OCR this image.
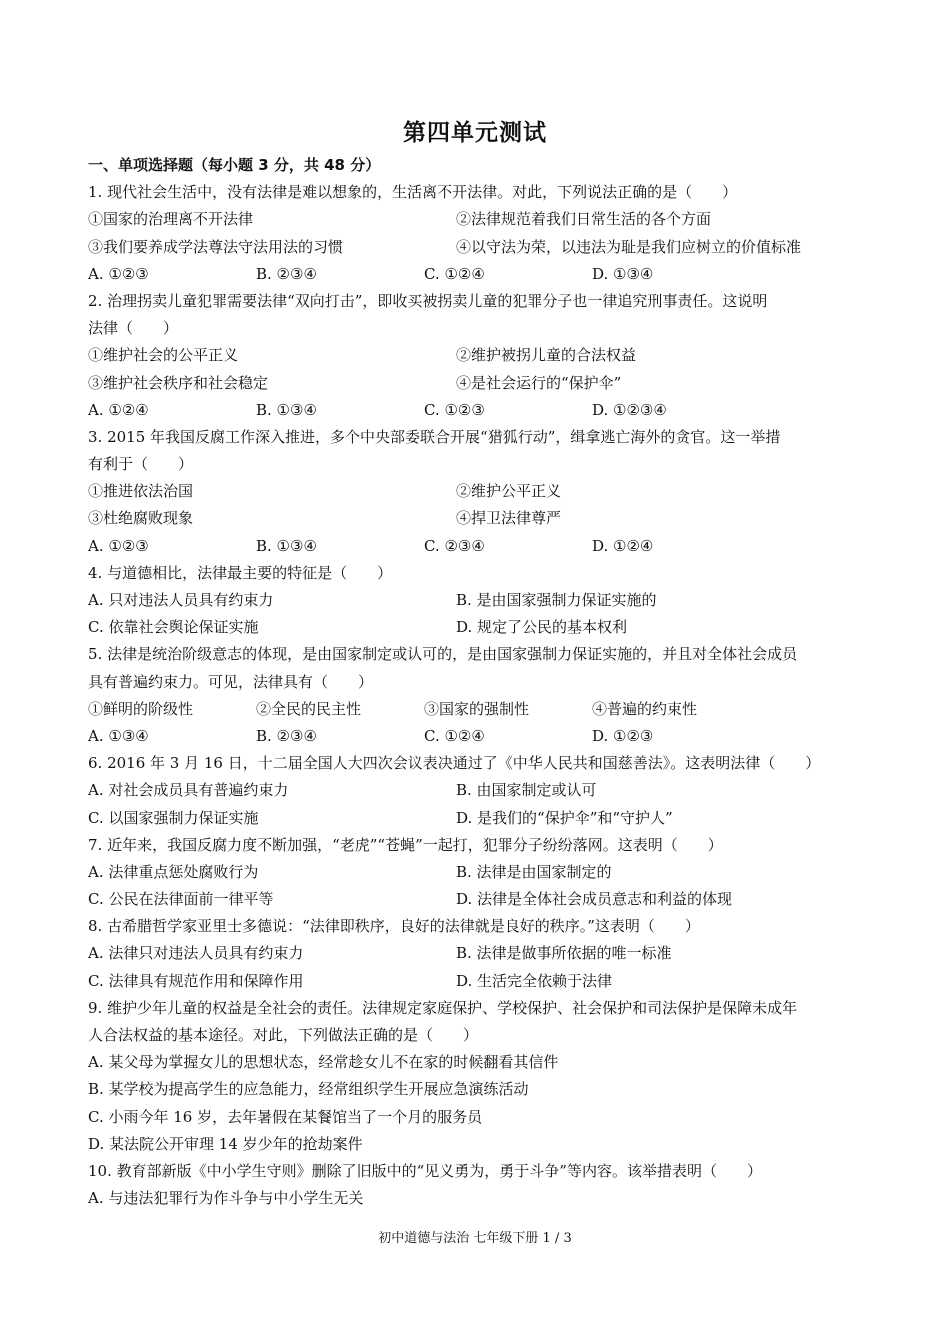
第四单元测试
一、单项选择题（每小题 3 分，共 48 分）
1. 现代社会生活中，没有法律是难以想象的，生活离不开法律。对此，下列说法正确的是（　　）
①国家的治理离不开法律	②法律规范着我们日常生活的各个方面
③我们要养成学法尊法守法用法的习惯	④以守法为荣，以违法为耻是我们应树立的价值标准
A. ①②③	B. ②③④	C. ①②④	D. ①③④
2. 治理拐卖儿童犯罪需要法律“双向打击”，即收买被拐卖儿童的犯罪分子也一律追究刑事责任。这说明
法律（　　）
①维护社会的公平正义	②维护被拐儿童的合法权益
③维护社会秩序和社会稳定	④是社会运行的“保护伞”
A. ①②④	B. ①③④	C. ①②③	D. ①②③④
3. 2015 年我国反腐工作深入推进，多个中央部委联合开展“猎狐行动”，缉拿逃亡海外的贪官。这一举措
有利于（　　）
①推进依法治国	②维护公平正义
③杜绝腐败现象	④捍卫法律尊严
A. ①②③	B. ①③④	C. ②③④	D. ①②④
4. 与道德相比，法律最主要的特征是（　　）
A. 只对违法人员具有约束力	B. 是由国家强制力保证实施的
C. 依靠社会舆论保证实施	D. 规定了公民的基本权利
5. 法律是统治阶级意志的体现，是由国家制定或认可的，是由国家强制力保证实施的，并且对全体社会成员
具有普遍约束力。可见，法律具有（　　）
①鲜明的阶级性	②全民的民主性	③国家的强制性	④普遍的约束性
A. ①③④	B. ②③④	C. ①②④	D. ①②③
6. 2016 年 3 月 16 日，十二届全国人大四次会议表决通过了《中华人民共和国慈善法》。这表明法律（　　）
A. 对社会成员具有普遍约束力	B. 由国家制定或认可
C. 以国家强制力保证实施	D. 是我们的“保护伞”和“守护人”
7. 近年来，我国反腐力度不断加强，“老虎”“苍蝇”一起打，犯罪分子纷纷落网。这表明（　　）
A. 法律重点惩处腐败行为	B. 法律是由国家制定的
C. 公民在法律面前一律平等	D. 法律是全体社会成员意志和利益的体现
8. 古希腊哲学家亚里士多德说：“法律即秩序，良好的法律就是良好的秩序。”这表明（　　）
A. 法律只对违法人员具有约束力	B. 法律是做事所依据的唯一标准
C. 法律具有规范作用和保障作用	D. 生活完全依赖于法律
9. 维护少年儿童的权益是全社会的责任。法律规定家庭保护、学校保护、社会保护和司法保护是保障未成年
人合法权益的基本途径。对此，下列做法正确的是（　　）
A. 某父母为掌握女儿的思想状态，经常趁女儿不在家的时候翻看其信件
B. 某学校为提高学生的应急能力，经常组织学生开展应急演练活动
C. 小雨今年 16 岁，去年暑假在某餐馆当了一个月的服务员
D. 某法院公开审理 14 岁少年的抢劫案件
10. 教育部新版《中小学生守则》删除了旧版中的“见义勇为，勇于斗争”等内容。该举措表明（　　）
A. 与违法犯罪行为作斗争与中小学生无关
初中道德与法治 七年级下册 1 / 3
